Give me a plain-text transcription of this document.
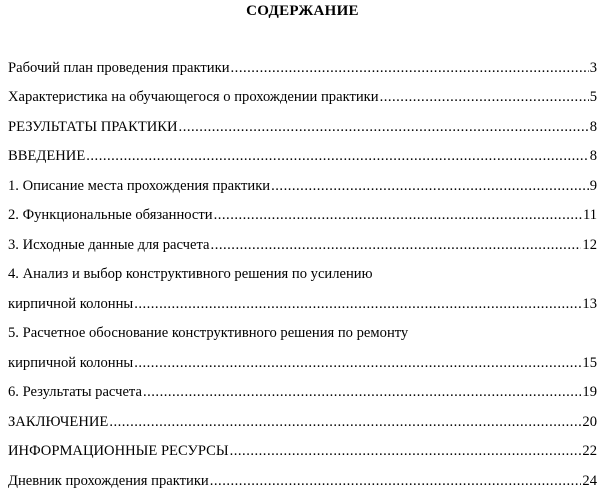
СОДЕРЖАНИЕ
Рабочий план проведения практики .....	3
Характеристика на обучающегося о прохождении практики .....	5
РЕЗУЛЬТАТЫ ПРАКТИКИ .....	8
ВВЕДЕНИЕ .....	8
1. Описание места прохождения практики .....	9
2. Функциональные обязанности .....	11
3. Исходные данные для расчета .....	12
4. Анализ и выбор конструктивного решения по усилению
кирпичной колонны .....	13
5. Расчетное обоснование конструктивного решения по ремонту
кирпичной колонны .....	15
6. Результаты расчета .....	19
ЗАКЛЮЧЕНИЕ .....	20
ИНФОРМАЦИОННЫЕ РЕСУРСЫ .....	22
Дневник прохождения практики .....	24
